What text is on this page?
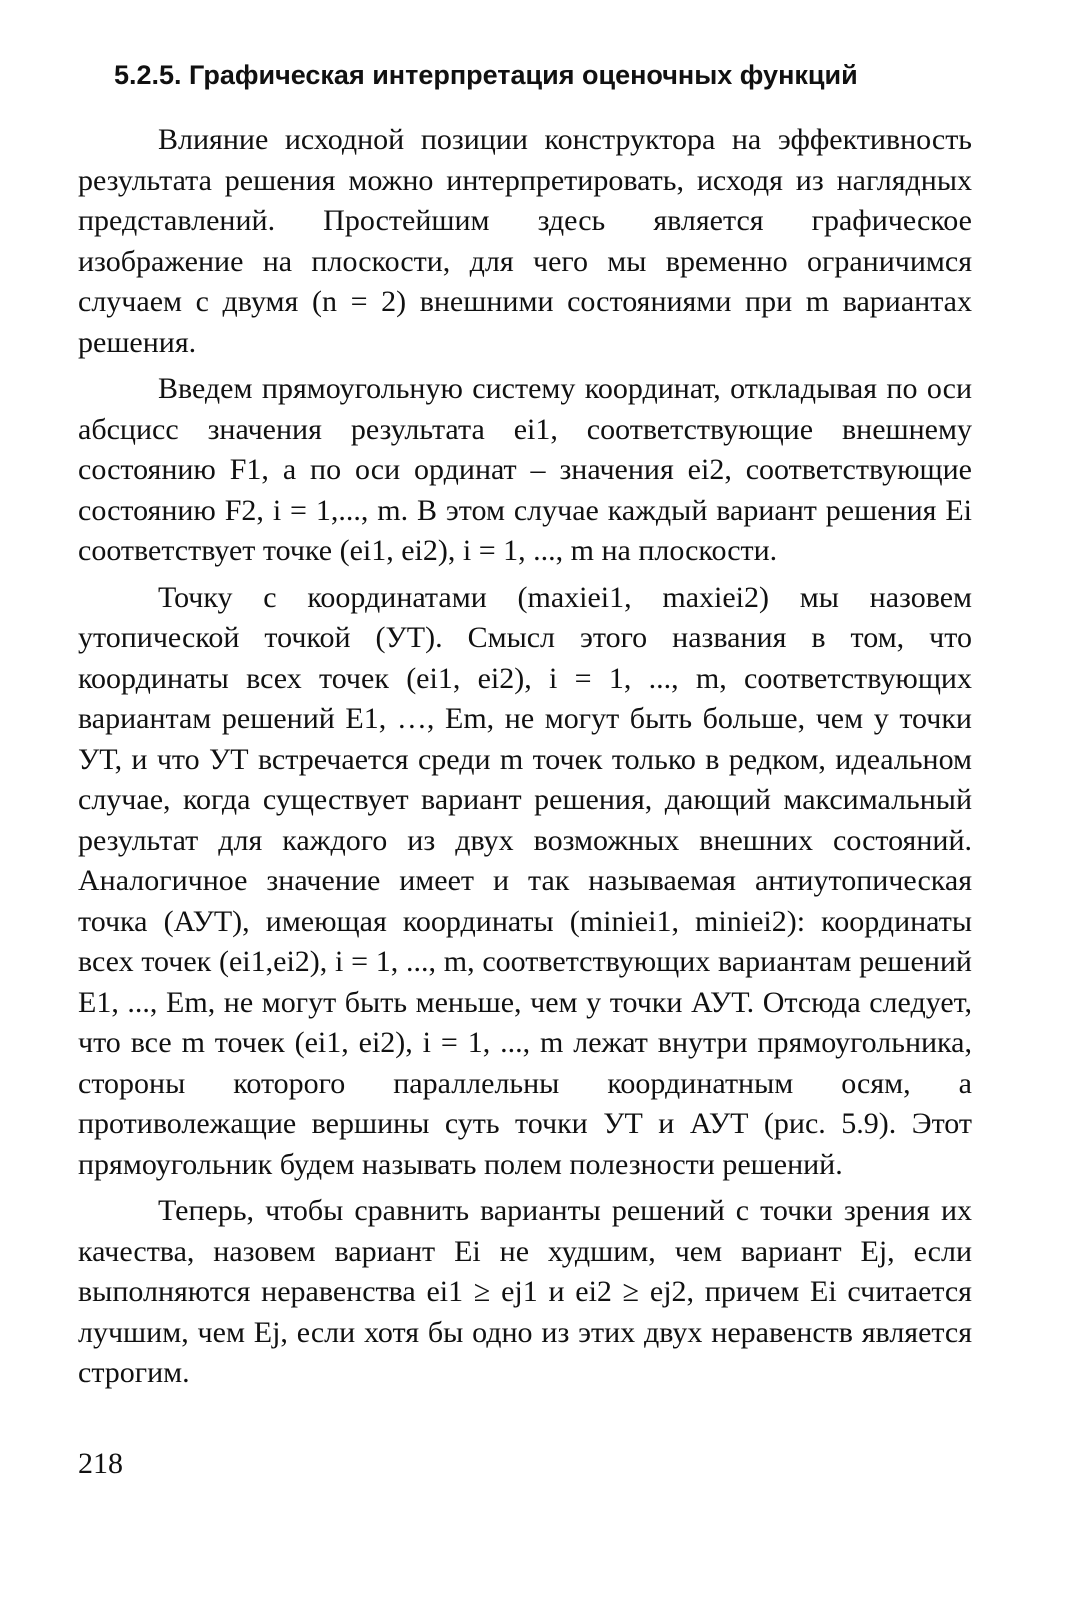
5.2.5. Графическая интерпретация оценочных функций

Влияние исходной позиции конструктора на эффективность результата решения можно интерпретировать, исходя из наглядных представлений. Простейшим здесь является графическое изображение на плоскости, для чего мы временно ограничимся случаем с двумя (n = 2) внешними состояниями при m вариантах решения.

Введем прямоугольную систему координат, откладывая по оси абсцисс значения результата ei1, соответствующие внешнему состоянию F1, а по оси ординат – значения ei2, соответствующие состоянию F2, i = 1,..., m. В этом случае каждый вариант решения Ei соответствует точке (ei1, ei2), i = 1, ..., m на плоскости.

Точку с координатами (maxiei1, maxiei2) мы назовем утопической точкой (УТ). Смысл этого названия в том, что координаты всех точек (ei1, ei2), i = 1, ..., m, соответствующих вариантам решений E1, …, Em, не могут быть больше, чем у точки УТ, и что УТ встречается среди m точек только в редком, идеальном случае, когда существует вариант решения, дающий максимальный результат для каждого из двух возможных внешних состояний. Аналогичное значение имеет и так называемая антиутопическая точка (АУТ), имеющая координаты (miniei1, miniei2): координаты всех точек (ei1,ei2), i = 1, ..., m, соответствующих вариантам решений E1, ..., Em, не могут быть меньше, чем у точки АУТ. Отсюда следует, что все m точек (ei1, ei2), i = 1, ..., m лежат внутри прямоугольника, стороны которого параллельны координатным осям, а противолежащие вершины суть точки УТ и АУТ (рис. 5.9). Этот прямоугольник будем называть полем полезности решений.

Теперь, чтобы сравнить варианты решений с точки зрения их качества, назовем вариант Ei не худшим, чем вариант Ej, если выполняются неравенства ei1 ≥ ej1 и ei2 ≥ ej2, причем Ei считается лучшим, чем Ej, если хотя бы одно из этих двух неравенств является строгим.

218
